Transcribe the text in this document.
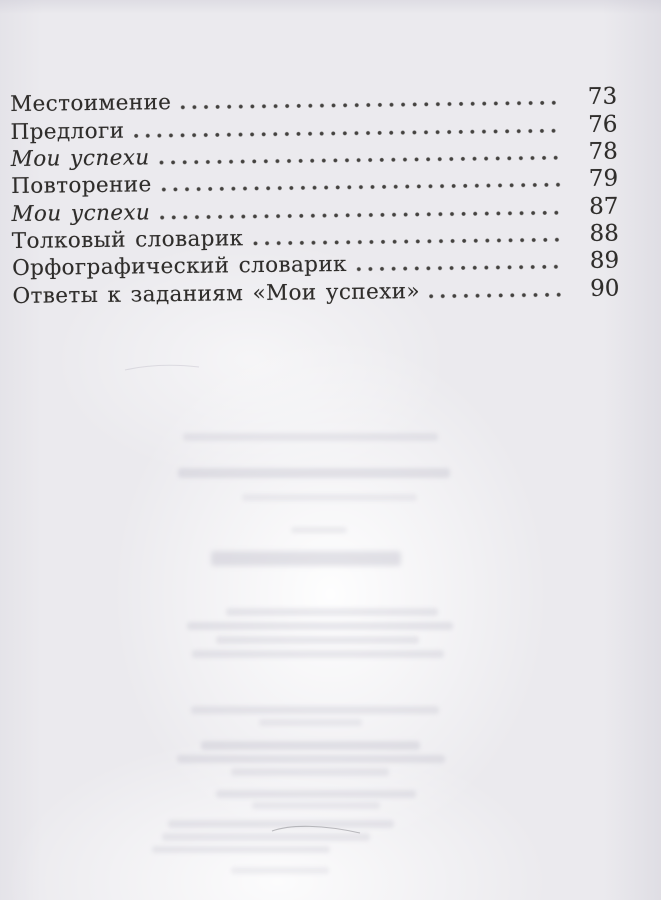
Местоимение	73
Предлоги	76
Мои успехи	78
Повторение	79
Мои успехи	87
Толковый словарик	88
Орфографический словарик	89
Ответы к заданиям «Мои успехи»	90
